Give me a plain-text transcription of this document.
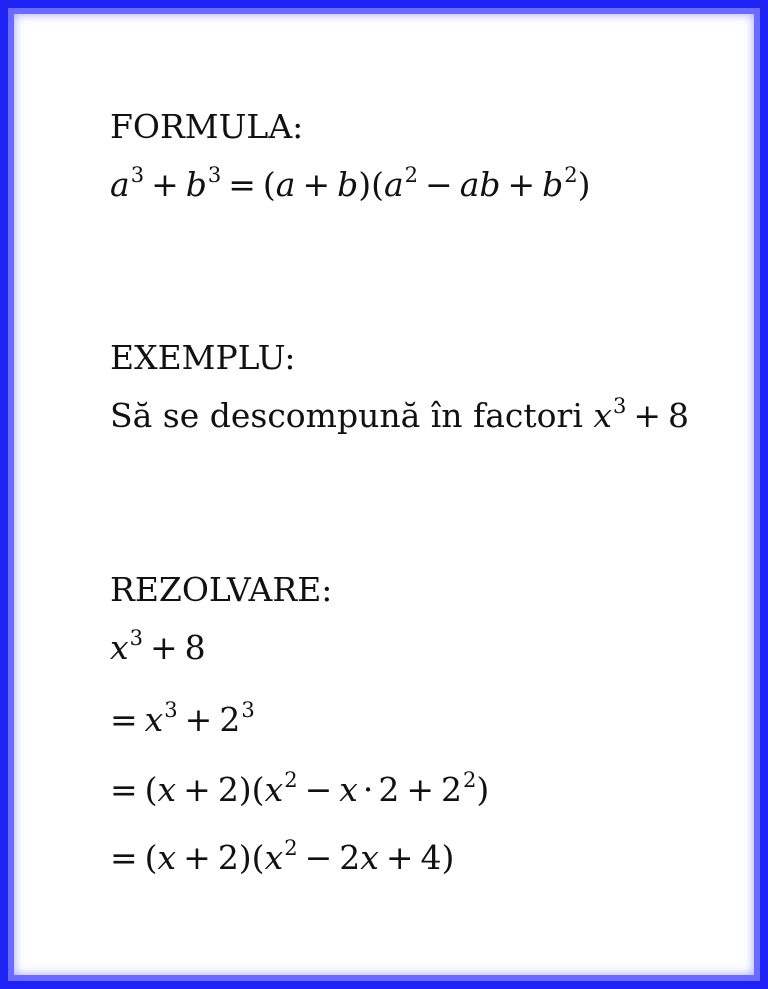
FORMULA:
$a^3 + b^3 = (a + b)(a^2$ − ab + $b^2$)
EXEMPLU:
Să se descompună în factori $x^3 + 8$
REZOLVARE:
$x^3 + 8$
= $x^3 + 2^3$
= $(x + 2)(x^2 - x \cdot 2 + 2^2)$
= $(x + 2)(x^2 - 2x + 4)$
